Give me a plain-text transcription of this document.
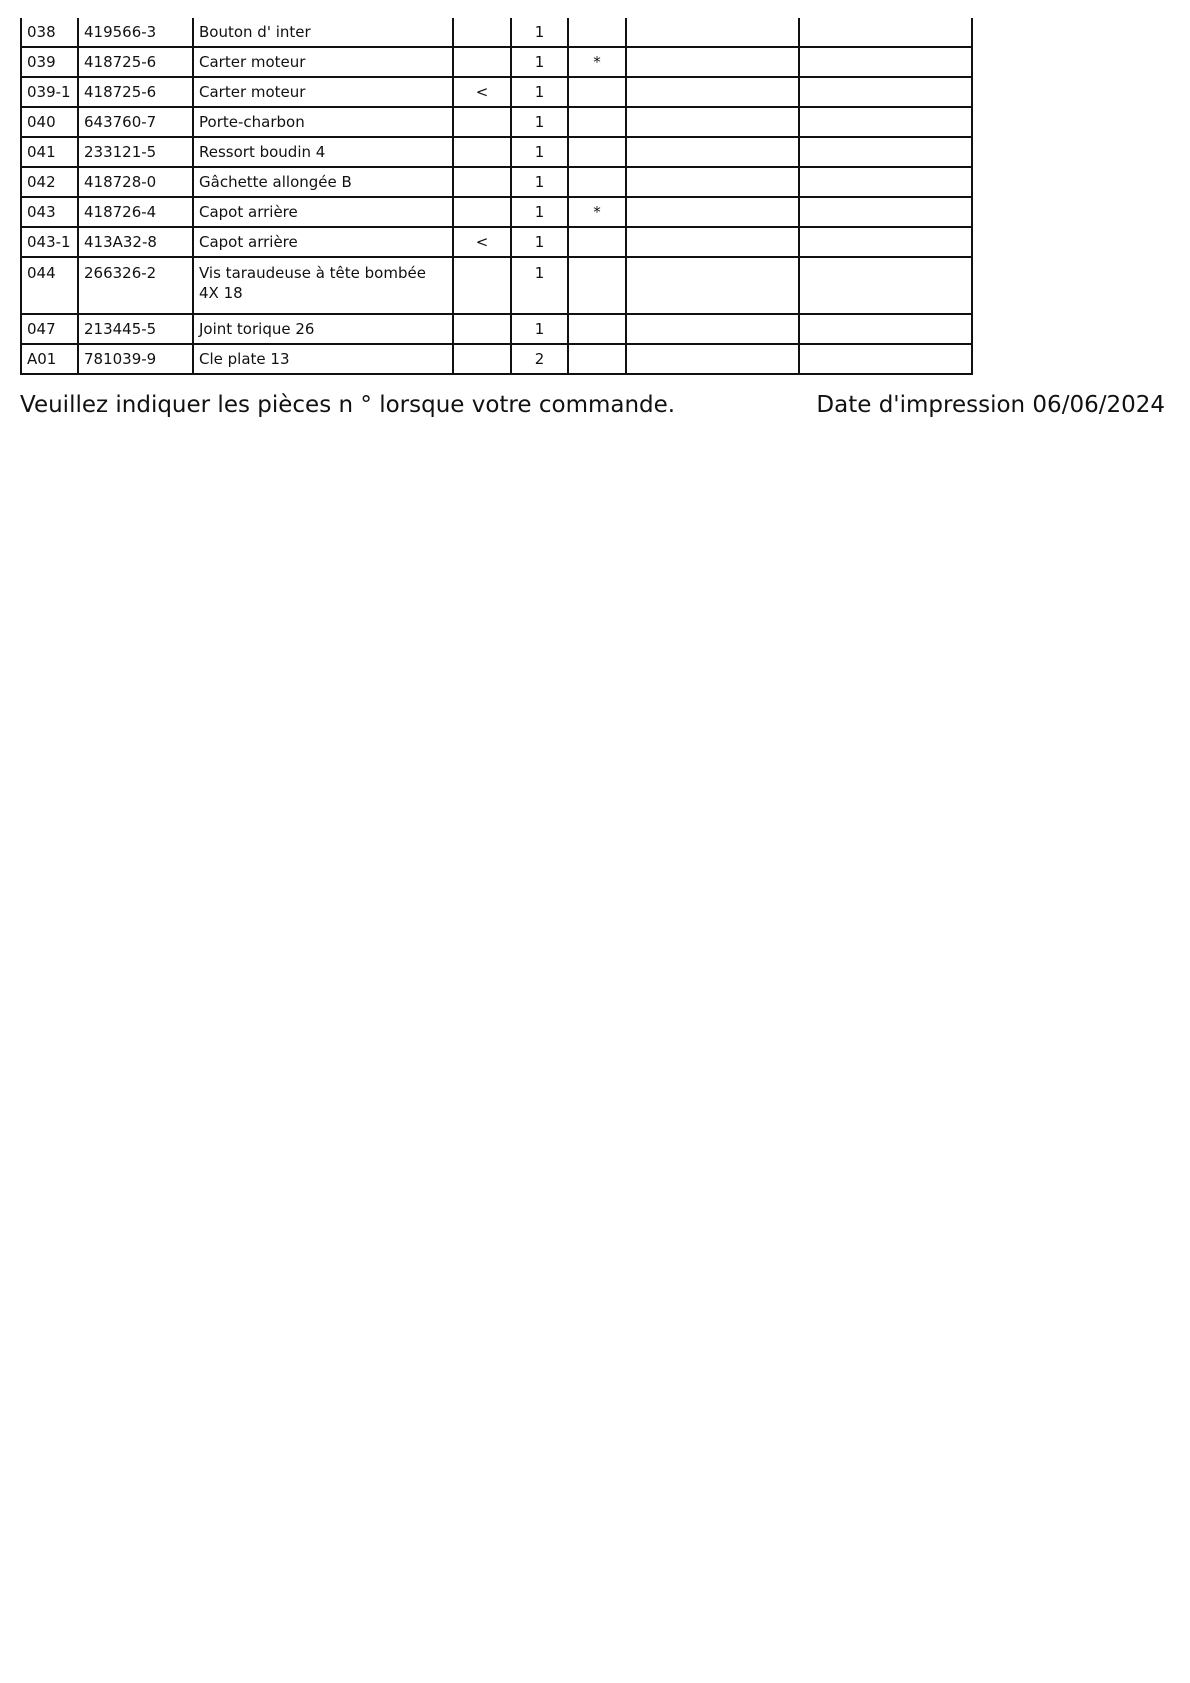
038	419566-3	Bouton d' inter		1			
039	418725-6	Carter moteur		1	*		
039-1	418725-6	Carter moteur	<	1			
040	643760-7	Porte-charbon		1			
041	233121-5	Ressort boudin 4		1			
042	418728-0	Gâchette allongée B		1			
043	418726-4	Capot arrière		1	*		
043-1	413A32-8	Capot arrière	<	1			
044	266326-2	Vis taraudeuse à tête bombée 4X 18		1			
047	213445-5	Joint torique 26		1			
A01	781039-9	Cle plate 13		2			
Veuillez indiquer les pièces n ° lorsque votre commande.	Date d'impression 06/06/2024
